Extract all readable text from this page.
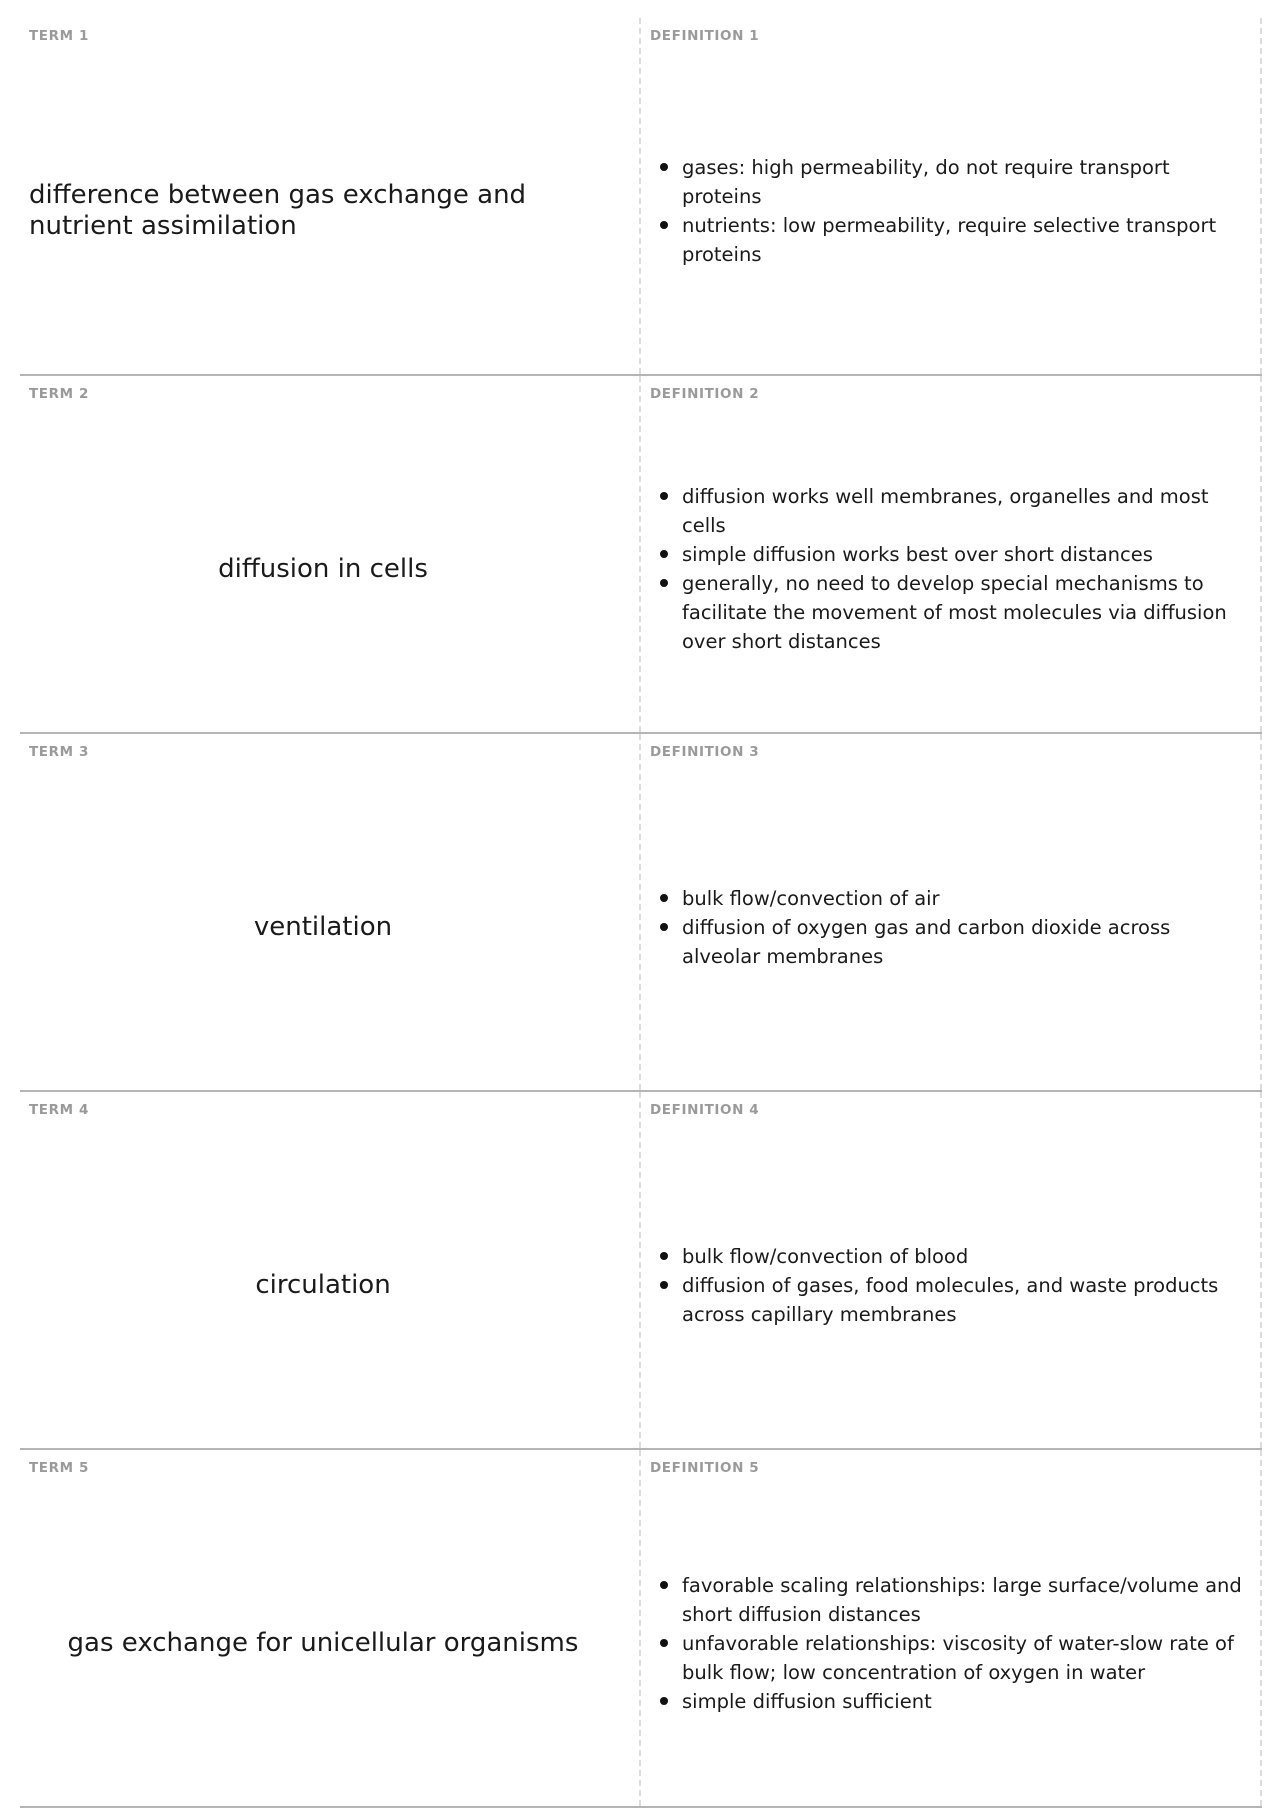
TERM 1
difference between gas exchange and nutrient assimilation
DEFINITION 1
gases: high permeability, do not require transport proteins
nutrients: low permeability, require selective transport proteins
TERM 2
diffusion in cells
DEFINITION 2
diffusion works well membranes, organelles and most cells
simple diffusion works best over short distances
generally, no need to develop special mechanisms to facilitate the movement of most molecules via diffusion over short distances
TERM 3
ventilation
DEFINITION 3
bulk flow/convection of air
diffusion of oxygen gas and carbon dioxide across alveolar membranes
TERM 4
circulation
DEFINITION 4
bulk flow/convection of blood
diffusion of gases, food molecules, and waste products across capillary membranes
TERM 5
gas exchange for unicellular organisms
DEFINITION 5
favorable scaling relationships: large surface/volume and short diffusion distances
unfavorable relationships: viscosity of water-slow rate of bulk flow; low concentration of oxygen in water
simple diffusion sufficient
